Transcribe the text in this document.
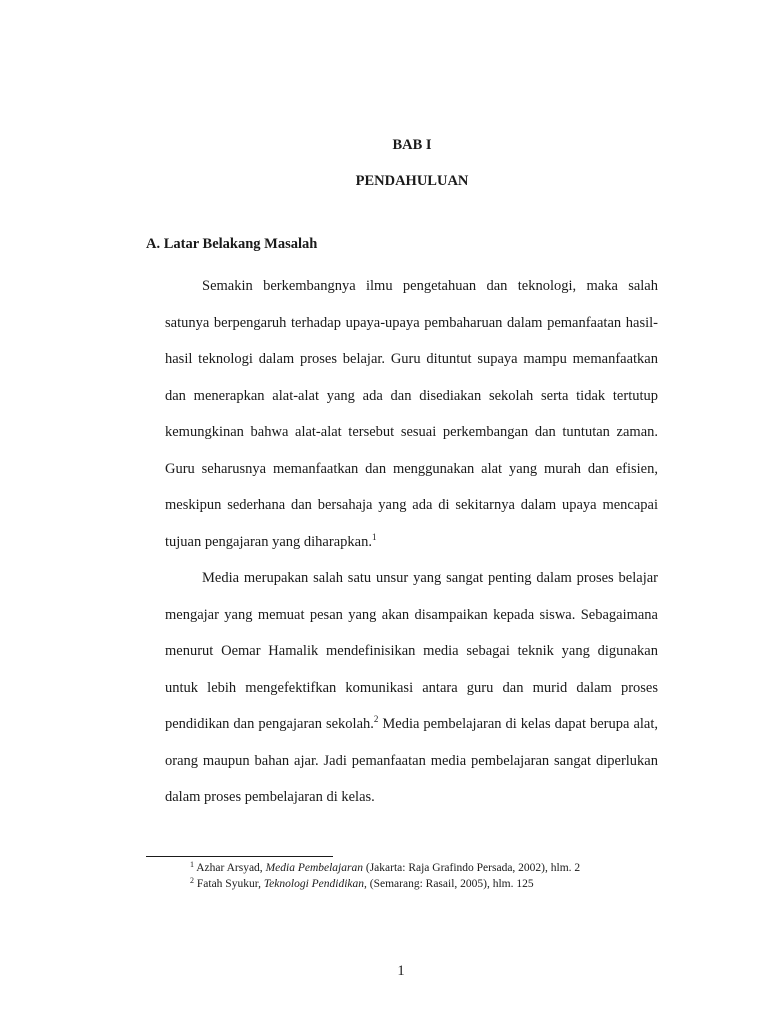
BAB I
PENDAHULUAN
A. Latar Belakang Masalah

Semakin berkembangnya ilmu pengetahuan dan teknologi, maka salah satunya berpengaruh terhadap upaya-upaya pembaharuan dalam pemanfaatan hasil-hasil teknologi dalam proses belajar. Guru dituntut supaya mampu memanfaatkan dan menerapkan alat-alat yang ada dan disediakan sekolah serta tidak tertutup kemungkinan bahwa alat-alat tersebut sesuai perkembangan dan tuntutan zaman. Guru seharusnya memanfaatkan dan menggunakan alat yang murah dan efisien, meskipun sederhana dan bersahaja yang ada di sekitarnya dalam upaya mencapai tujuan pengajaran yang diharapkan.$^1$

Media merupakan salah satu unsur yang sangat penting dalam proses belajar mengajar yang memuat pesan yang akan disampaikan kepada siswa. Sebagaimana menurut Oemar Hamalik mendefinisikan media sebagai teknik yang digunakan untuk lebih mengefektifkan komunikasi antara guru dan murid dalam proses pendidikan dan pengajaran sekolah.$^2$ Media pembelajaran di kelas dapat berupa alat, orang maupun bahan ajar. Jadi pemanfaatan media pembelajaran sangat diperlukan dalam proses pembelajaran di kelas.

$^1$ Azhar Arsyad, Media Pembelajaran (Jakarta: Raja Grafindo Persada, 2002), hlm. 2

$^2$ Fatah Syukur, Teknologi Pendidikan, (Semarang: Rasail, 2005), hlm. 125

1
